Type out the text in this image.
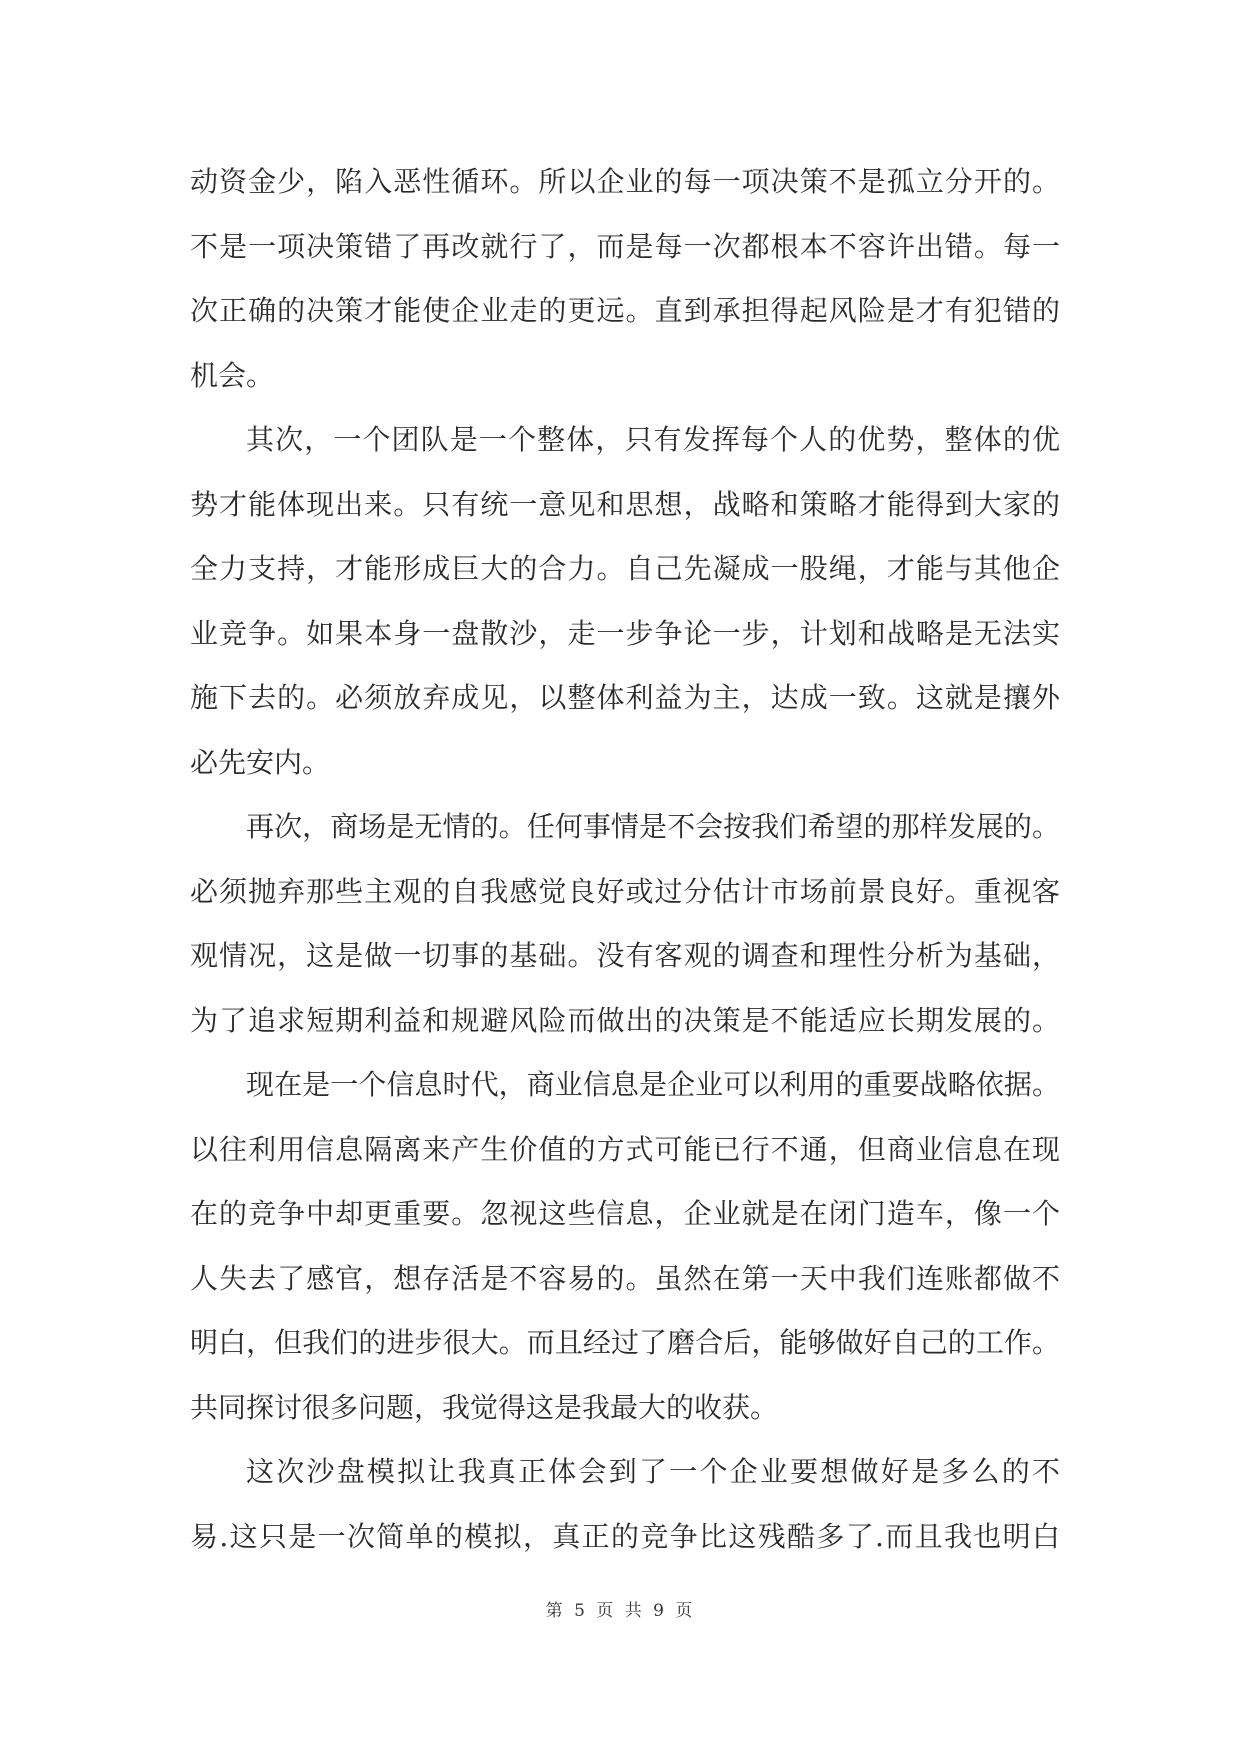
动资金少，陷入恶性循环。所以企业的每一项决策不是孤立分开的。
不是一项决策错了再改就行了，而是每一次都根本不容许出错。每一
次正确的决策才能使企业走的更远。直到承担得起风险是才有犯错的
机会。
其次，一个团队是一个整体，只有发挥每个人的优势，整体的优
势才能体现出来。只有统一意见和思想，战略和策略才能得到大家的
全力支持，才能形成巨大的合力。自己先凝成一股绳，才能与其他企
业竞争。如果本身一盘散沙，走一步争论一步，计划和战略是无法实
施下去的。必须放弃成见，以整体利益为主，达成一致。这就是攘外
必先安内。
再次，商场是无情的。任何事情是不会按我们希望的那样发展的。
必须抛弃那些主观的自我感觉良好或过分估计市场前景良好。重视客
观情况，这是做一切事的基础。没有客观的调查和理性分析为基础，
为了追求短期利益和规避风险而做出的决策是不能适应长期发展的。
现在是一个信息时代，商业信息是企业可以利用的重要战略依据。
以往利用信息隔离来产生价值的方式可能已行不通，但商业信息在现
在的竞争中却更重要。忽视这些信息，企业就是在闭门造车，像一个
人失去了感官，想存活是不容易的。虽然在第一天中我们连账都做不
明白，但我们的进步很大。而且经过了磨合后，能够做好自己的工作。
共同探讨很多问题，我觉得这是我最大的收获。
这次沙盘模拟让我真正体会到了一个企业要想做好是多么的不
易.这只是一次简单的模拟，真正的竞争比这残酷多了.而且我也明白
第 5 页 共 9 页
